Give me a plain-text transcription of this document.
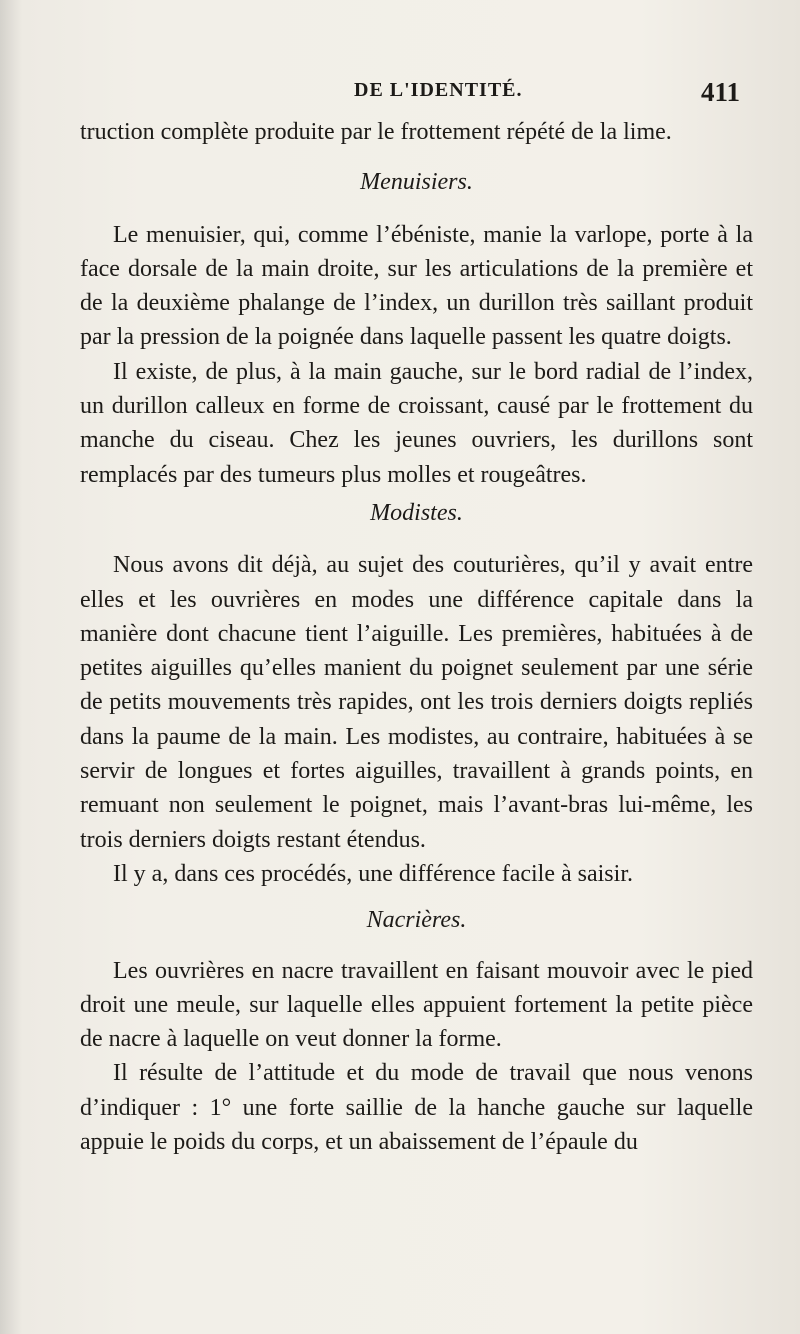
DE L'IDENTITÉ.	411

truction complète produite par le frottement répété de la lime.

Menuisiers.

Le menuisier, qui, comme l’ébéniste, manie la varlope, porte à la face dorsale de la main droite, sur les articulations de la première et de la deuxième phalange de l’index, un durillon très saillant produit par la pression de la poignée dans laquelle passent les quatre doigts.

Il existe, de plus, à la main gauche, sur le bord radial de l’index, un durillon calleux en forme de croissant, causé par le frottement du manche du ciseau. Chez les jeunes ouvriers, les durillons sont remplacés par des tumeurs plus molles et rougeâtres.

Modistes.

Nous avons dit déjà, au sujet des couturières, qu’il y avait entre elles et les ouvrières en modes une différence capitale dans la manière dont chacune tient l’aiguille. Les premières, habituées à de petites aiguilles qu’elles manient du poignet seulement par une série de petits mouvements très rapides, ont les trois derniers doigts repliés dans la paume de la main. Les modistes, au contraire, habituées à se servir de longues et fortes aiguilles, travaillent à grands points, en remuant non seulement le poignet, mais l’avant-bras lui-même, les trois derniers doigts restant étendus.

Il y a, dans ces procédés, une différence facile à saisir.

Nacrières.

Les ouvrières en nacre travaillent en faisant mouvoir avec le pied droit une meule, sur laquelle elles appuient fortement la petite pièce de nacre à laquelle on veut donner la forme.

Il résulte de l’attitude et du mode de travail que nous venons d’indiquer : 1° une forte saillie de la hanche gauche sur laquelle appuie le poids du corps, et un abaissement de l’épaule du
